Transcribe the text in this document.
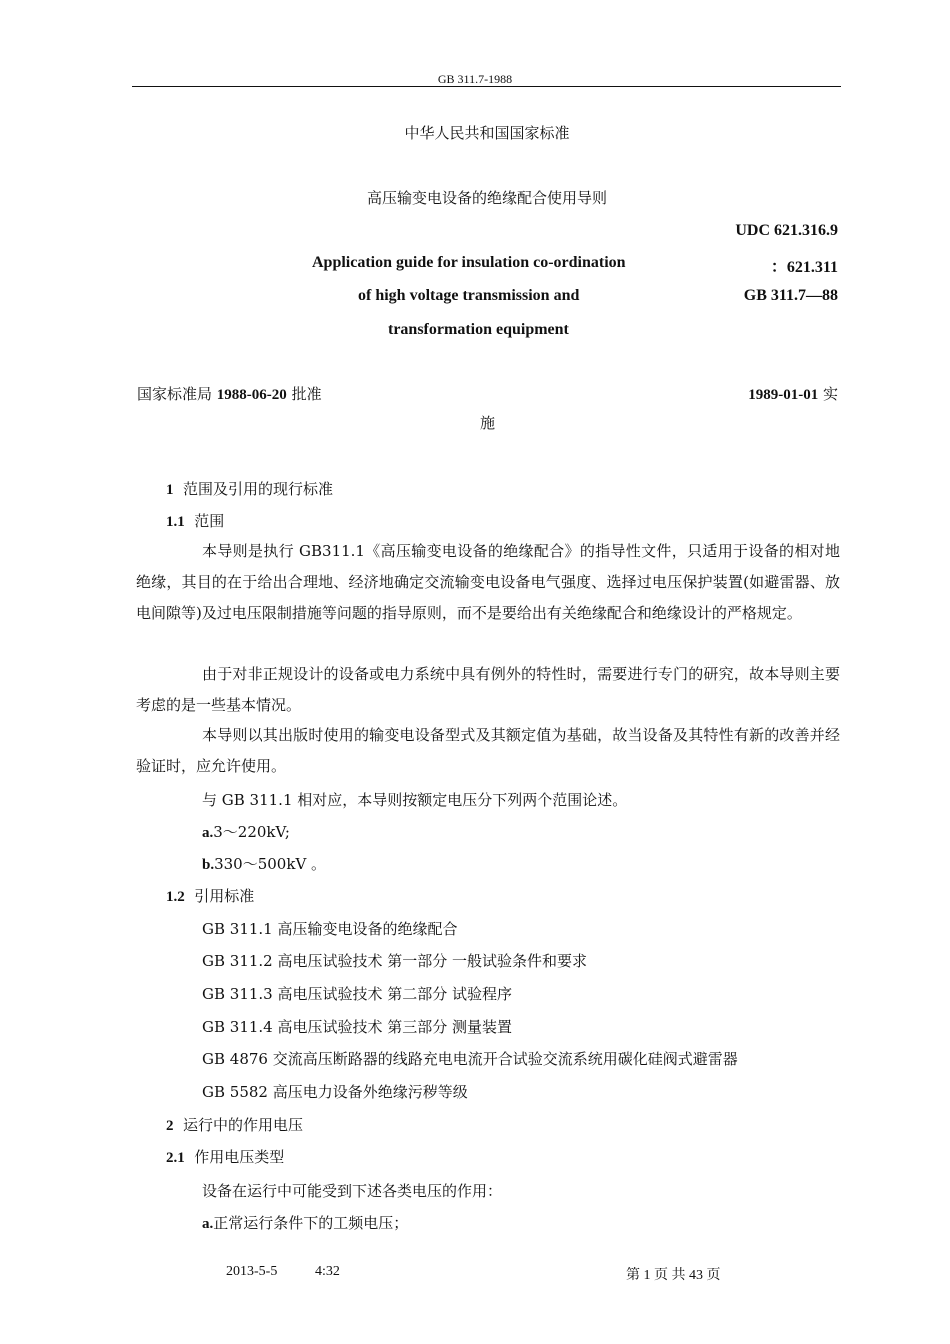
GB 311.7-1988
中华人民共和国国家标准
高压输变电设备的绝缘配合使用导则
Application guide for insulation co-ordination
of high voltage transmission and
transformation equipment
UDC 621.316.9
：621.311
GB 311.7—88
国家标准局 1988-06-20 批准	1989-01-01 实
施
1 范围及引用的现行标准
1.1 范围
本导则是执行 GB311.1《高压输变电设备的绝缘配合》的指导性文件，只适用于设备的相对地绝缘，其目的在于给出合理地、经济地确定交流输变电设备电气强度、选择过电压保护装置(如避雷器、放电间隙等)及过电压限制措施等问题的指导原则，而不是要给出有关绝缘配合和绝缘设计的严格规定。
由于对非正规设计的设备或电力系统中具有例外的特性时，需要进行专门的研究，故本导则主要考虑的是一些基本情况。
本导则以其出版时使用的输变电设备型式及其额定值为基础，故当设备及其特性有新的改善并经验证时，应允许使用。
与 GB 311.1 相对应，本导则按额定电压分下列两个范围论述。
a.3～220kV;
b.330～500kV 。
1.2 引用标准
GB 311.1 高压输变电设备的绝缘配合
GB 311.2 高电压试验技术 第一部分 一般试验条件和要求
GB 311.3 高电压试验技术 第二部分 试验程序
GB 311.4 高电压试验技术 第三部分 测量装置
GB 4876 交流高压断路器的线路充电电流开合试验交流系统用碳化硅阀式避雷器
GB 5582 高压电力设备外绝缘污秽等级
2 运行中的作用电压
2.1 作用电压类型
设备在运行中可能受到下述各类电压的作用：
a.正常运行条件下的工频电压；
2013-5-5	4:32	第 1 页 共 43 页
